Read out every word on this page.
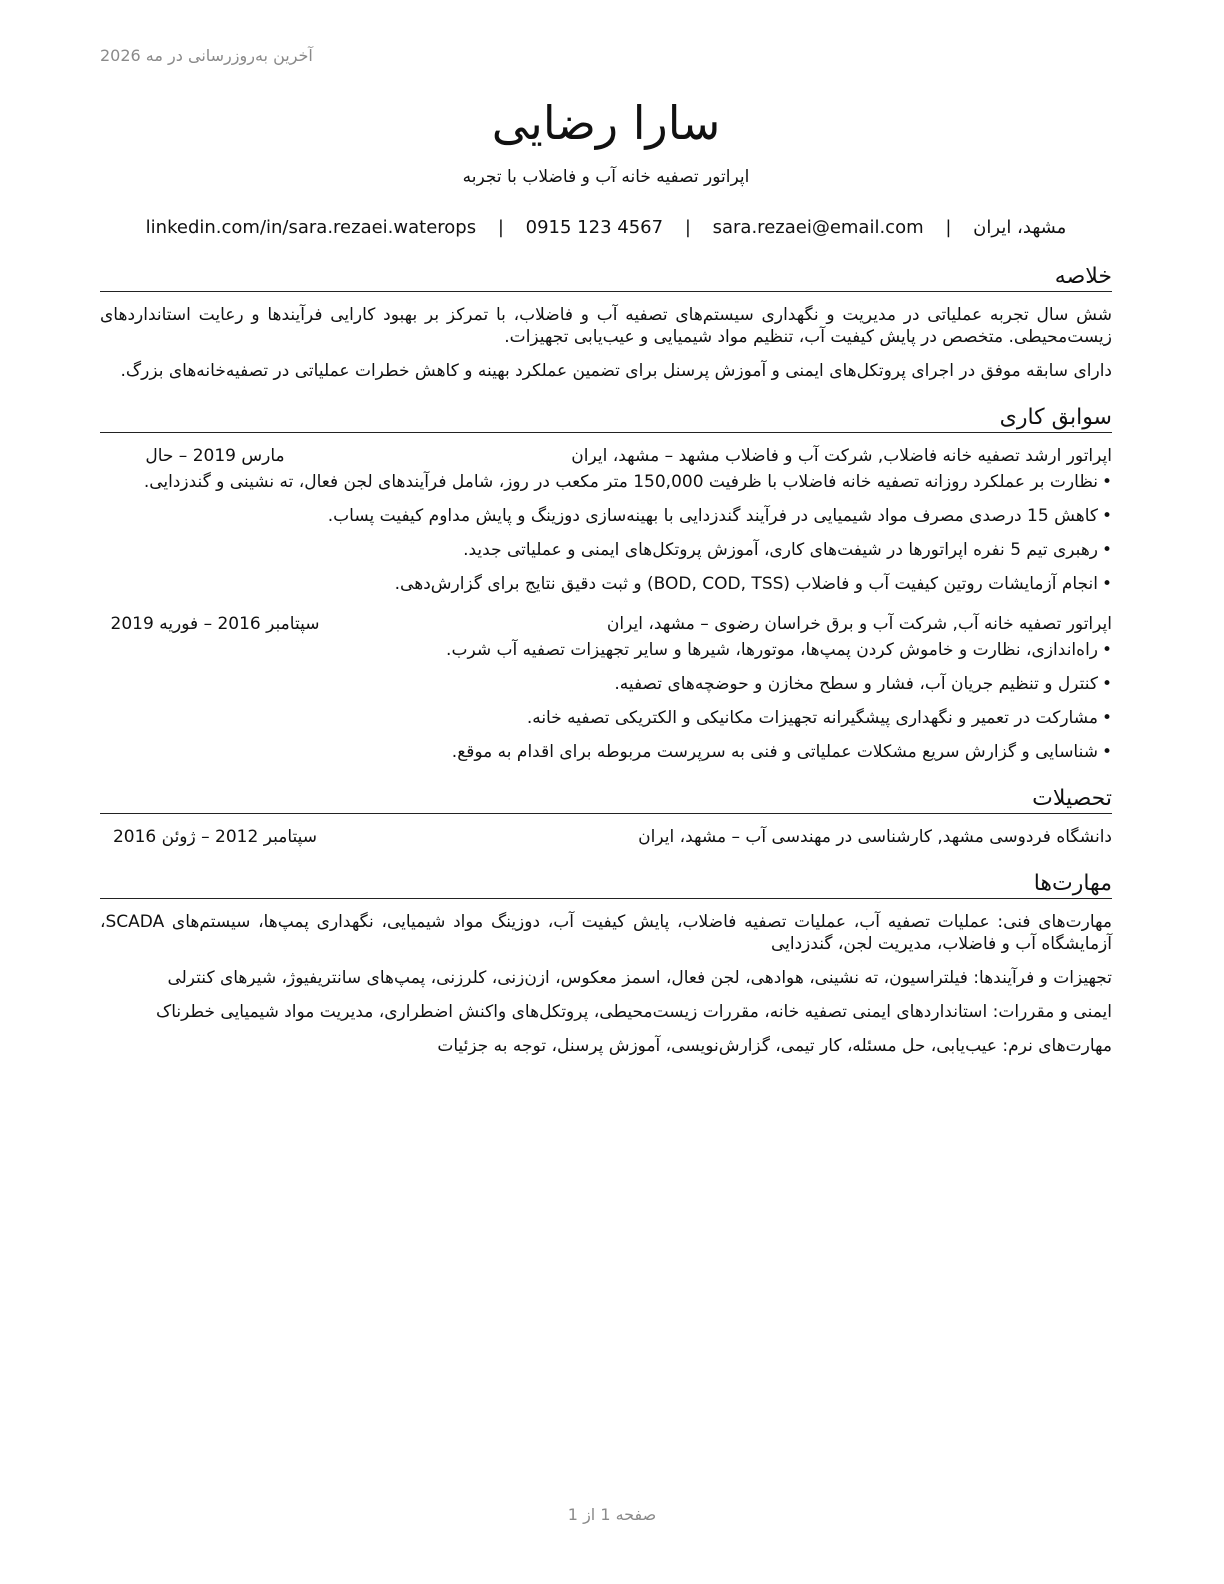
آخرین به‌روزرسانی در مه 2026
سارا رضایی
اپراتور تصفیه خانه آب و فاضلاب با تجربه
مشهد، ایران | sara.rezaei@email.com | 0915 123 4567 | linkedin.com/in/sara.rezaei.waterops
خلاصه

شش سال تجربه عملیاتی در مدیریت و نگهداری سیستم‌های تصفیه آب و فاضلاب، با تمرکز بر بهبود کارایی فرآیندها و رعایت استانداردهای زیست‌محیطی. متخصص در پایش کیفیت آب، تنظیم مواد شیمیایی و عیب‌یابی تجهیزات.

دارای سابقه موفق در اجرای پروتکل‌های ایمنی و آموزش پرسنل برای تضمین عملکرد بهینه و کاهش خطرات عملیاتی در تصفیه‌خانه‌های بزرگ.

سوابق کاری
اپراتور ارشد تصفیه خانه فاضلاب, شرکت آب و فاضلاب مشهد – مشهد، ایران
مارس 2019 – حال
• نظارت بر عملکرد روزانه تصفیه خانه فاضلاب با ظرفیت 150,000 متر مکعب در روز، شامل فرآیندهای لجن فعال، ته نشینی و گندزدایی.
• کاهش 15 درصدی مصرف مواد شیمیایی در فرآیند گندزدایی با بهینه‌سازی دوزینگ و پایش مداوم کیفیت پساب.
• رهبری تیم 5 نفره اپراتورها در شیفت‌های کاری، آموزش پروتکل‌های ایمنی و عملیاتی جدید.
• انجام آزمایشات روتین کیفیت آب و فاضلاب (BOD, COD, TSS) و ثبت دقیق نتایج برای گزارش‌دهی.
اپراتور تصفیه خانه آب, شرکت آب و برق خراسان رضوی – مشهد، ایران
سپتامبر 2016 – فوریه 2019
• راه‌اندازی، نظارت و خاموش کردن پمپ‌ها، موتورها، شیرها و سایر تجهیزات تصفیه آب شرب.
• کنترل و تنظیم جریان آب، فشار و سطح مخازن و حوضچه‌های تصفیه.
• مشارکت در تعمیر و نگهداری پیشگیرانه تجهیزات مکانیکی و الکتریکی تصفیه خانه.
• شناسایی و گزارش سریع مشکلات عملیاتی و فنی به سرپرست مربوطه برای اقدام به موقع.
تحصیلات
دانشگاه فردوسی مشهد, کارشناسی در مهندسی آب – مشهد، ایران
سپتامبر 2012 – ژوئن 2016
مهارت‌ها

مهارت‌های فنی: عملیات تصفیه آب، عملیات تصفیه فاضلاب، پایش کیفیت آب، دوزینگ مواد شیمیایی، نگهداری پمپ‌ها، سیستم‌های SCADA، آزمایشگاه آب و فاضلاب، مدیریت لجن، گندزدایی

تجهیزات و فرآیندها: فیلتراسیون، ته نشینی، هوادهی، لجن فعال، اسمز معکوس، ازن‌زنی، کلرزنی، پمپ‌های سانتریفیوژ، شیرهای کنترلی

ایمنی و مقررات: استانداردهای ایمنی تصفیه خانه، مقررات زیست‌محیطی، پروتکل‌های واکنش اضطراری، مدیریت مواد شیمیایی خطرناک

مهارت‌های نرم: عیب‌یابی، حل مسئله، کار تیمی، گزارش‌نویسی، آموزش پرسنل، توجه به جزئیات

صفحه 1 از 1
